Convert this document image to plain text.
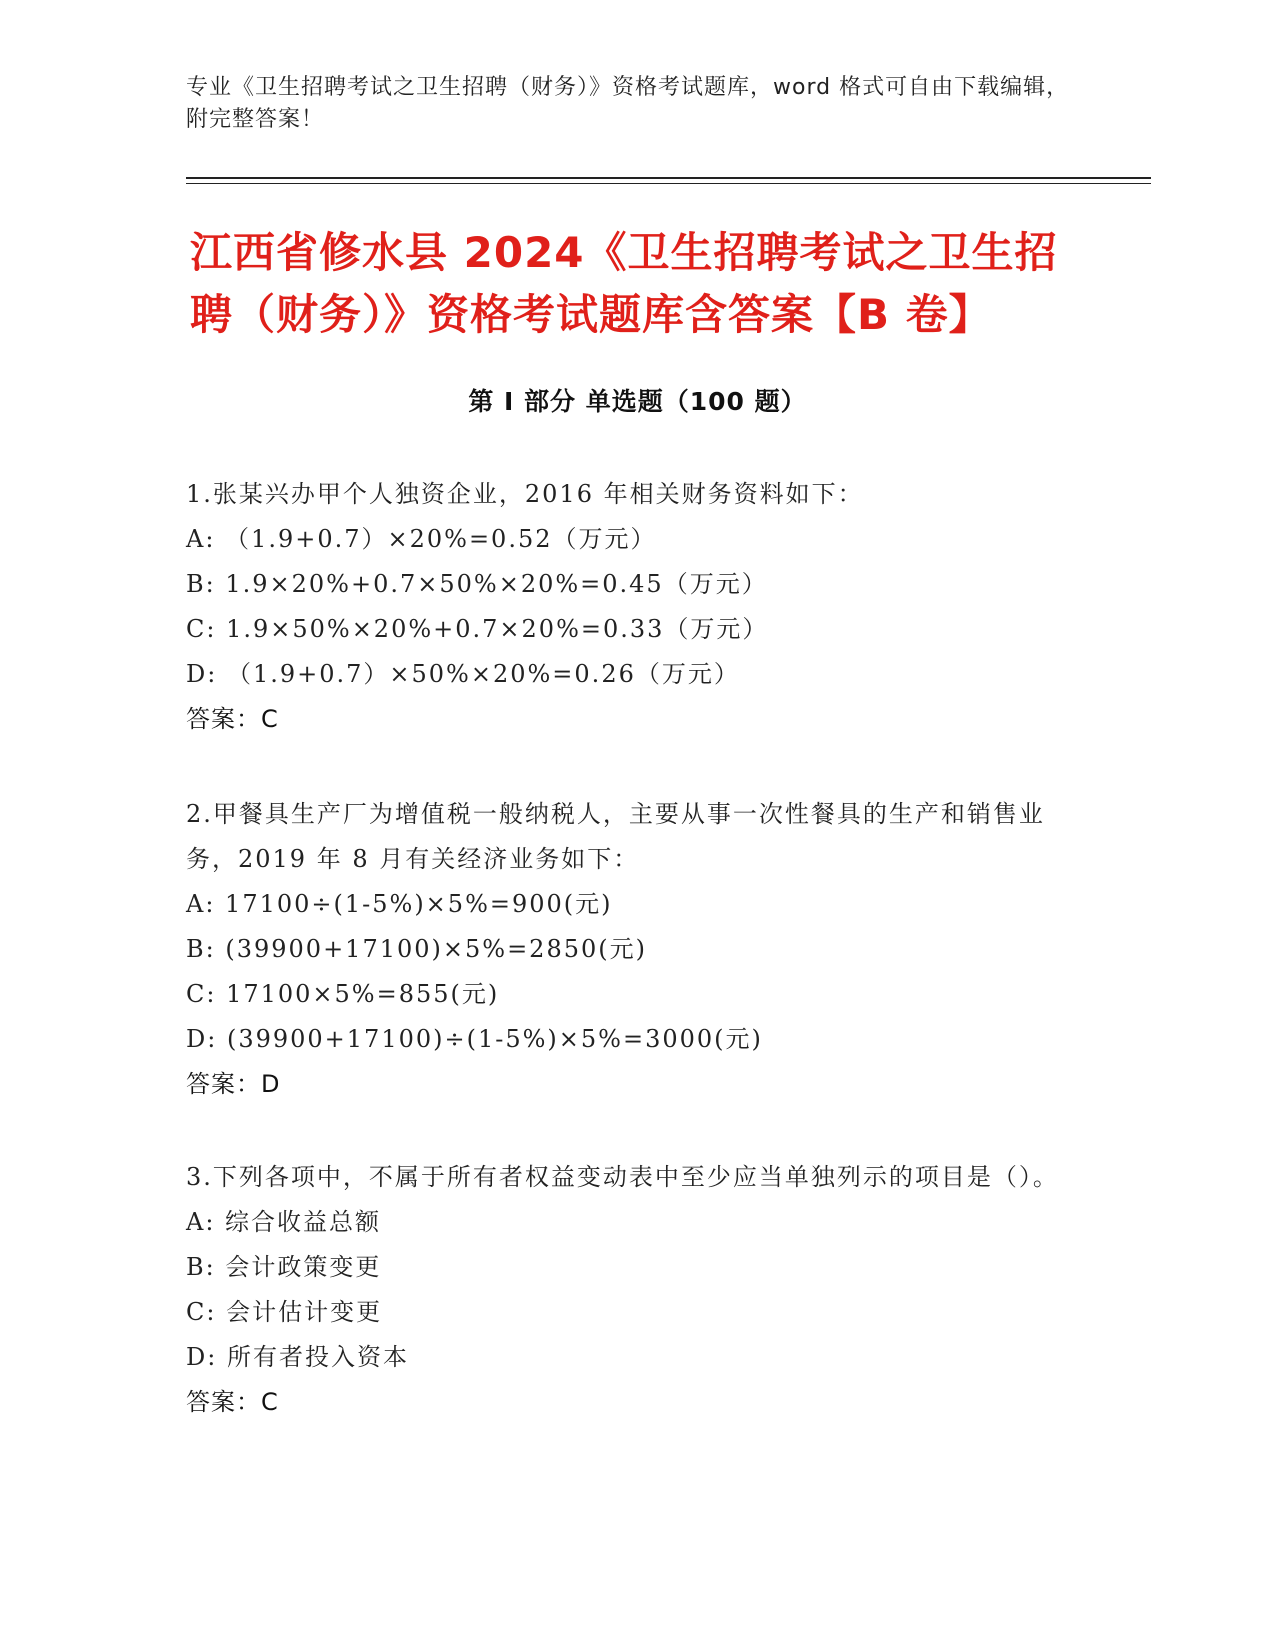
专业《卫生招聘考试之卫生招聘（财务）》资格考试题库，word 格式可自由下载编辑，附完整答案！
江西省修水县 2024《卫生招聘考试之卫生招聘（财务）》资格考试题库含答案【B 卷】
第 I 部分 单选题（100 题）

1.张某兴办甲个人独资企业，2016 年相关财务资料如下：

A: （1.9+0.7）×20%=0.52（万元）

B: 1.9×20%+0.7×50%×20%=0.45（万元）

C: 1.9×50%×20%+0.7×20%=0.33（万元）

D: （1.9+0.7）×50%×20%=0.26（万元）

答案：C

2.甲餐具生产厂为增值税一般纳税人，主要从事一次性餐具的生产和销售业务，2019 年 8 月有关经济业务如下：

A: 17100÷(1-5%)×5%=900(元)

B: (39900+17100)×5%=2850(元)

C: 17100×5%=855(元)

D: (39900+17100)÷(1-5%)×5%=3000(元)

答案：D

3.下列各项中，不属于所有者权益变动表中至少应当单独列示的项目是（）。

A: 综合收益总额

B: 会计政策变更

C: 会计估计变更

D: 所有者投入资本

答案：C
